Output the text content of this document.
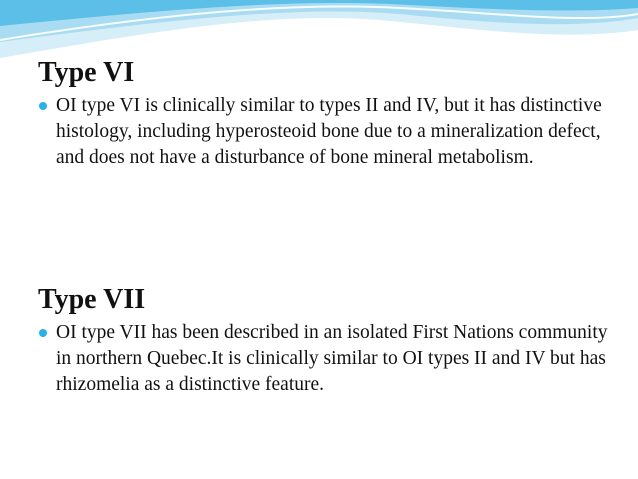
Type VI

OI type VI is clinically similar to types II and IV, but it has distinctive histology, including hyperosteoid bone due to a mineralization defect, and does not have a disturbance of bone mineral metabolism.

Type VII

OI type VII has been described in an isolated First Nations community in northern Quebec.It is clinically similar to OI types II and IV but has rhizomelia as a distinctive feature.
